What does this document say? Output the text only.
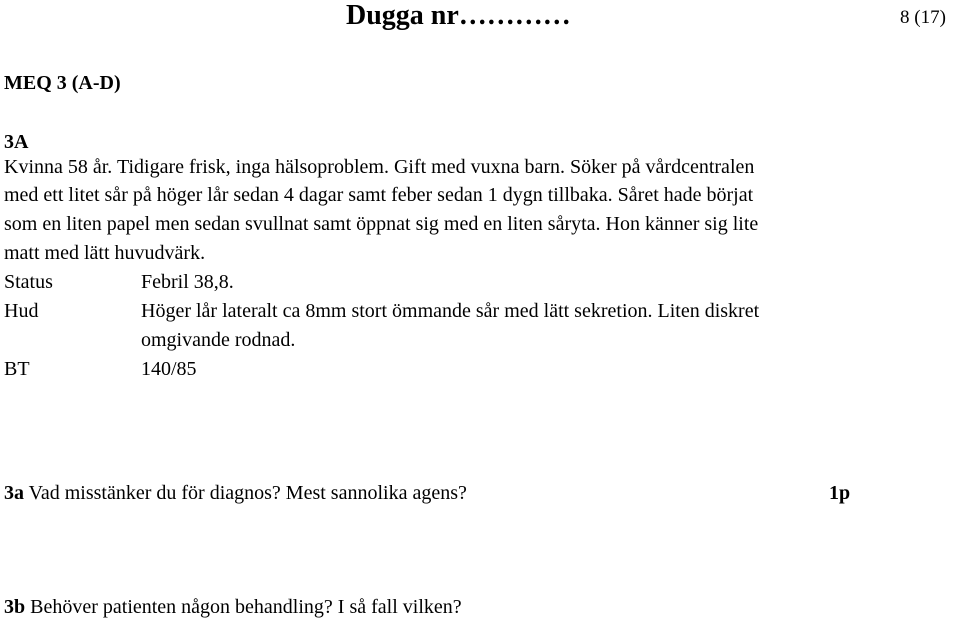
Dugga nr…………	8 (17)
MEQ 3 (A-D)
3A
Kvinna 58 år. Tidigare frisk, inga hälsoproblem. Gift med vuxna barn. Söker på vårdcentralen
med ett litet sår på höger lår sedan 4 dagar samt feber sedan 1 dygn tillbaka. Såret hade börjat
som en liten papel men sedan svullnat samt öppnat sig med en liten såryta. Hon känner sig lite
matt med lätt huvudvärk.
Status	Febril 38,8.
Hud	Höger lår lateralt ca 8mm stort ömmande sår med lätt sekretion. Liten diskret
omgivande rodnad.
BT	140/85
3a Vad misstänker du för diagnos? Mest sannolika agens?	1p
3b Behöver patienten någon behandling? I så fall vilken?
